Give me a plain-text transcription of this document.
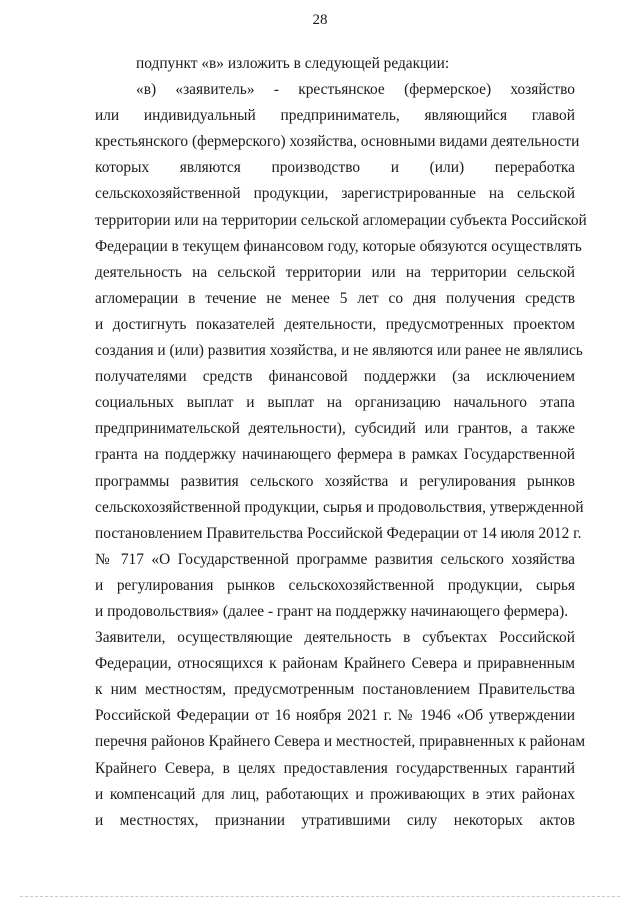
28
подпункт «в» изложить в следующей редакции:
«в) «заявитель» - крестьянское (фермерское) хозяйство
или индивидуальный предприниматель, являющийся главой
крестьянского (фермерского) хозяйства, основными видами деятельности
которых являются производство и (или) переработка
сельскохозяйственной продукции, зарегистрированные на сельской
территории или на территории сельской агломерации субъекта Российской
Федерации в текущем финансовом году, которые обязуются осуществлять
деятельность на сельской территории или на территории сельской
агломерации в течение не менее 5 лет со дня получения средств
и достигнуть показателей деятельности, предусмотренных проектом
создания и (или) развития хозяйства, и не являются или ранее не являлись
получателями средств финансовой поддержки (за исключением
социальных выплат и выплат на организацию начального этапа
предпринимательской деятельности), субсидий или грантов, а также
гранта на поддержку начинающего фермера в рамках Государственной
программы развития сельского хозяйства и регулирования рынков
сельскохозяйственной продукции, сырья и продовольствия, утвержденной
постановлением Правительства Российской Федерации от 14 июля 2012 г.
№ 717 «О Государственной программе развития сельского хозяйства
и регулирования рынков сельскохозяйственной продукции, сырья
и продовольствия» (далее - грант на поддержку начинающего фермера).
Заявители, осуществляющие деятельность в субъектах Российской
Федерации, относящихся к районам Крайнего Севера и приравненным
к ним местностям, предусмотренным постановлением Правительства
Российской Федерации от 16 ноября 2021 г. № 1946 «Об утверждении
перечня районов Крайнего Севера и местностей, приравненных к районам
Крайнего Севера, в целях предоставления государственных гарантий
и компенсаций для лиц, работающих и проживающих в этих районах
и местностях, признании утратившими силу некоторых актов
